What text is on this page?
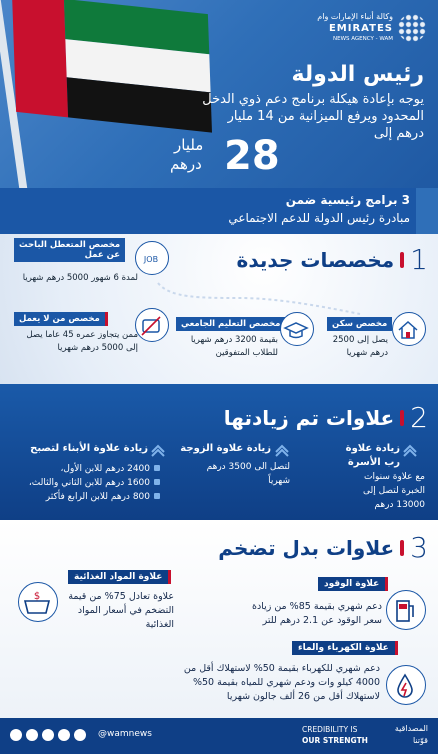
وكالة أنباء الإمارات وام
EMIRATES
NEWS AGENCY - WAM
رئيس الدولة
يوجه بإعادة هيكلة برنامج دعم ذوي الدخل المحدود ويرفع الميزانية من 14 مليار درهم إلى
28
مليار
درهم
3 برامج رئيسية ضمن
مبادرة رئيس الدولة للدعم الاجتماعي
1
مخصصات جديدة
مخصص المتعطل الباحث
عن عمل	JOB
لمدة 6 شهور 5000 درهم شهريا
مخصص من لا يعمل
ممن يتجاوز عمره 45 عاما يصل إلى 5000 درهم شهريا
مخصص التعليم الجامعي
بقيمة 3200 درهم شهريا للطلاب المتفوقين
مخصص سكن
يصل إلى 2500 درهم شهريا
2
علاوات تم زيادتها
زيادة علاوة رب الأسرة
مع علاوة سنوات
الخبرة لتصل إلى
13000 درهم
زيادة علاوة الزوجة
لتصل الى 3500 درهم
شهرياً
زيادة علاوة الأبناء لتصبح
2400 درهم للابن الأول،
1600 درهم للابن الثاني والثالث،
800 درهم للابن الرابع فأكثر
3
علاوات بدل تضخم
علاوة المواد الغذائية
$	علاوة تعادل 75% من قيمة التضخم في أسعار المواد الغذائية
علاوة الوقود
دعم شهري بقيمة 85% من زيادة سعر الوقود عن 2.1 درهم للتر
علاوة الكهرباء والماء
دعم شهري للكهرباء بقيمة 50% لاستهلاك أقل من
4000 كيلو وات ودعم شهري للمياه بقيمة 50%
لاستهلاك أقل من 26 ألف جالون شهريا
@wamnews	CREDIBILITY IS
OUR STRENGTH
المصداقية
قوّتنا
